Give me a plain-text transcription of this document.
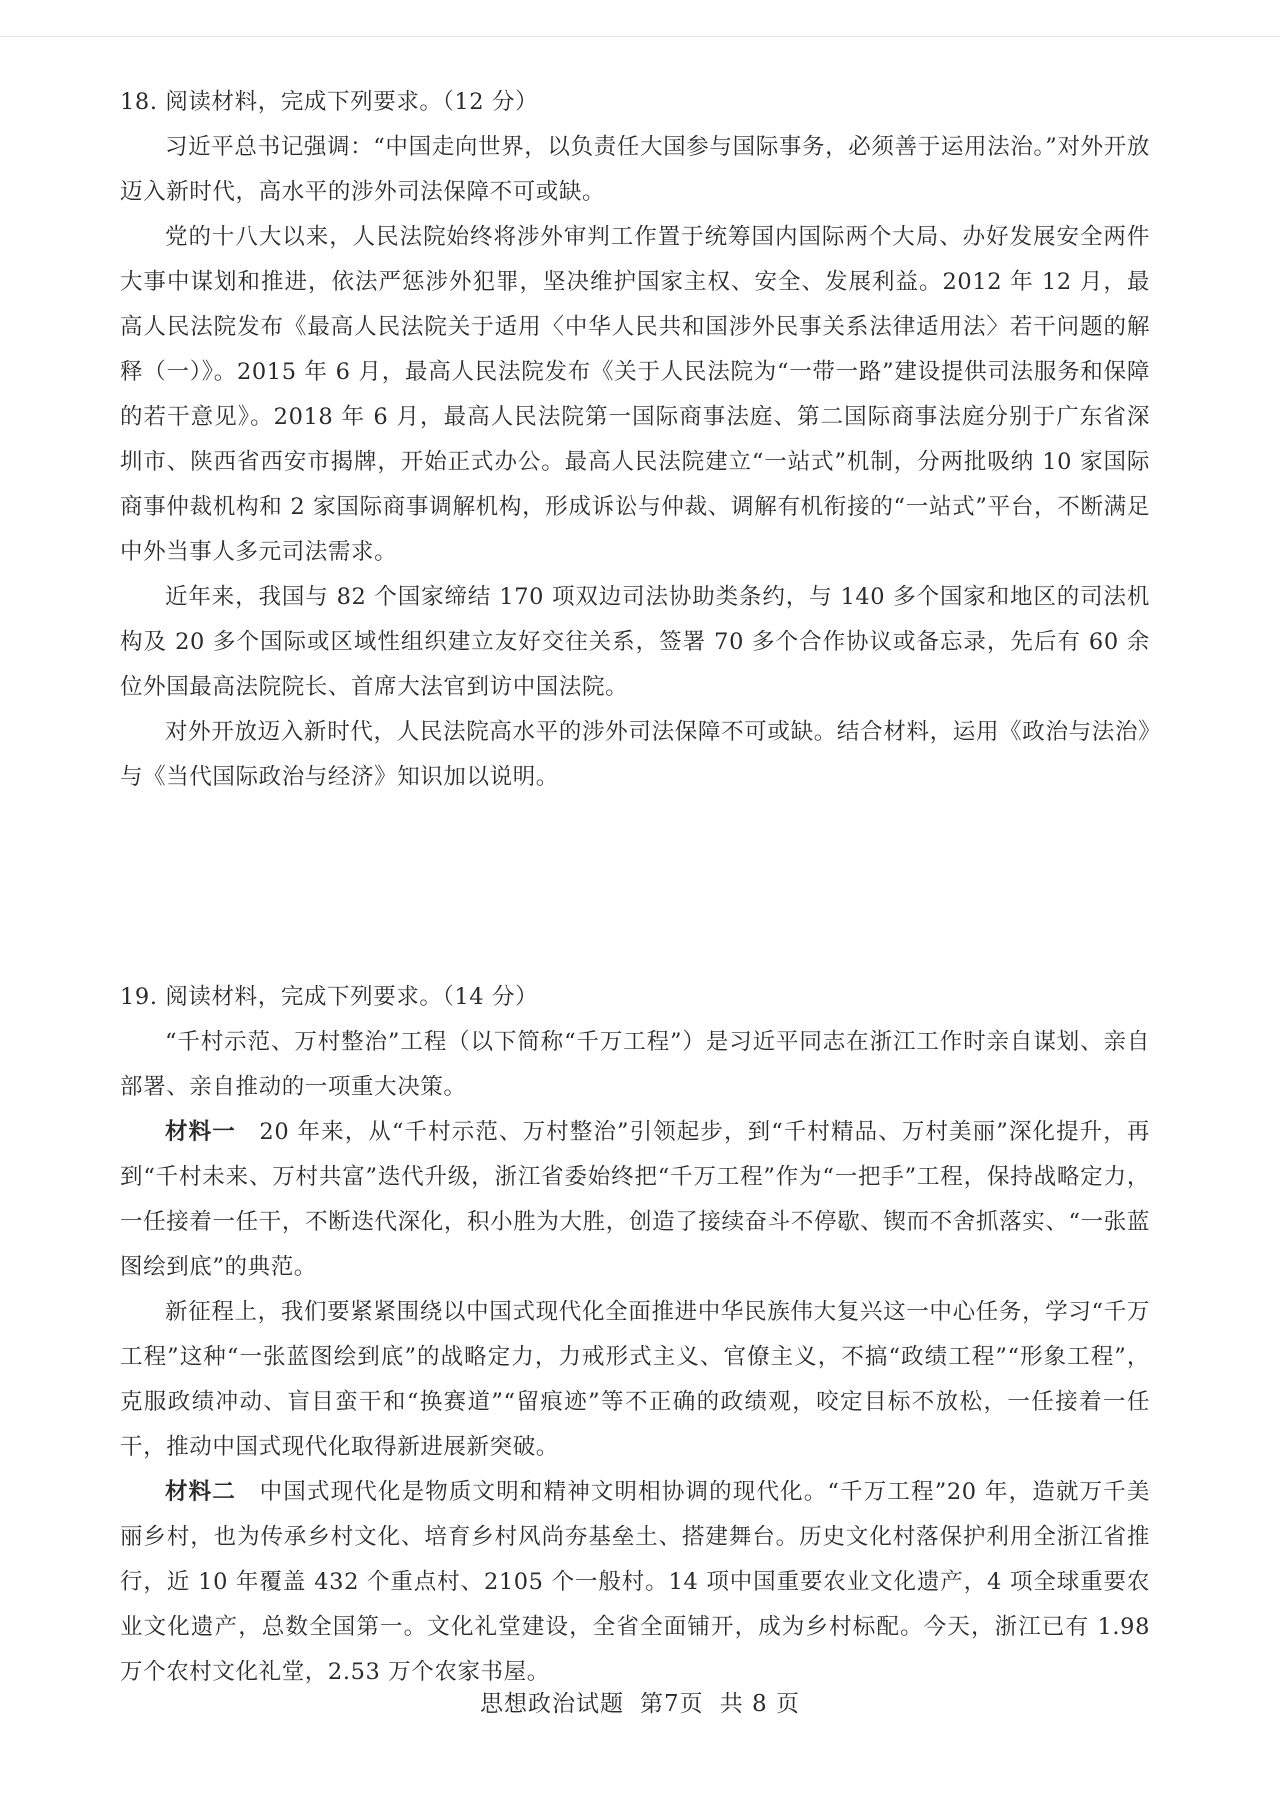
18. 阅读材料，完成下列要求。（12 分）

习近平总书记强调：“中国走向世界，以负责任大国参与国际事务，必须善于运用法治。”对外开放迈入新时代，高水平的涉外司法保障不可或缺。

党的十八大以来，人民法院始终将涉外审判工作置于统筹国内国际两个大局、办好发展安全两件大事中谋划和推进，依法严惩涉外犯罪，坚决维护国家主权、安全、发展利益。2012 年 12 月，最高人民法院发布《最高人民法院关于适用〈中华人民共和国涉外民事关系法律适用法〉若干问题的解释（一）》。2015 年 6 月，最高人民法院发布《关于人民法院为“一带一路”建设提供司法服务和保障的若干意见》。2018 年 6 月，最高人民法院第一国际商事法庭、第二国际商事法庭分别于广东省深圳市、陕西省西安市揭牌，开始正式办公。最高人民法院建立“一站式”机制，分两批吸纳 10 家国际商事仲裁机构和 2 家国际商事调解机构，形成诉讼与仲裁、调解有机衔接的“一站式”平台，不断满足中外当事人多元司法需求。

近年来，我国与 82 个国家缔结 170 项双边司法协助类条约，与 140 多个国家和地区的司法机构及 20 多个国际或区域性组织建立友好交往关系，签署 70 多个合作协议或备忘录，先后有 60 余位外国最高法院院长、首席大法官到访中国法院。

对外开放迈入新时代，人民法院高水平的涉外司法保障不可或缺。结合材料，运用《政治与法治》与《当代国际政治与经济》知识加以说明。

19. 阅读材料，完成下列要求。（14 分）

“千村示范、万村整治”工程（以下简称“千万工程”）是习近平同志在浙江工作时亲自谋划、亲自部署、亲自推动的一项重大决策。

材料一　20 年来，从“千村示范、万村整治”引领起步，到“千村精品、万村美丽”深化提升，再到“千村未来、万村共富”迭代升级，浙江省委始终把“千万工程”作为“一把手”工程，保持战略定力，一任接着一任干，不断迭代深化，积小胜为大胜，创造了接续奋斗不停歇、锲而不舍抓落实、“一张蓝图绘到底”的典范。

新征程上，我们要紧紧围绕以中国式现代化全面推进中华民族伟大复兴这一中心任务，学习“千万工程”这种“一张蓝图绘到底”的战略定力，力戒形式主义、官僚主义，不搞“政绩工程”“形象工程”，克服政绩冲动、盲目蛮干和“换赛道”“留痕迹”等不正确的政绩观，咬定目标不放松，一任接着一任干，推动中国式现代化取得新进展新突破。

材料二　中国式现代化是物质文明和精神文明相协调的现代化。“千万工程”20 年，造就万千美丽乡村，也为传承乡村文化、培育乡村风尚夯基垒土、搭建舞台。历史文化村落保护利用全浙江省推行，近 10 年覆盖 432 个重点村、2105 个一般村。14 项中国重要农业文化遗产，4 项全球重要农业文化遗产，总数全国第一。文化礼堂建设，全省全面铺开，成为乡村标配。今天，浙江已有 1.98 万个农村文化礼堂，2.53 万个农家书屋。

思想政治试题 第7页 共 8 页
